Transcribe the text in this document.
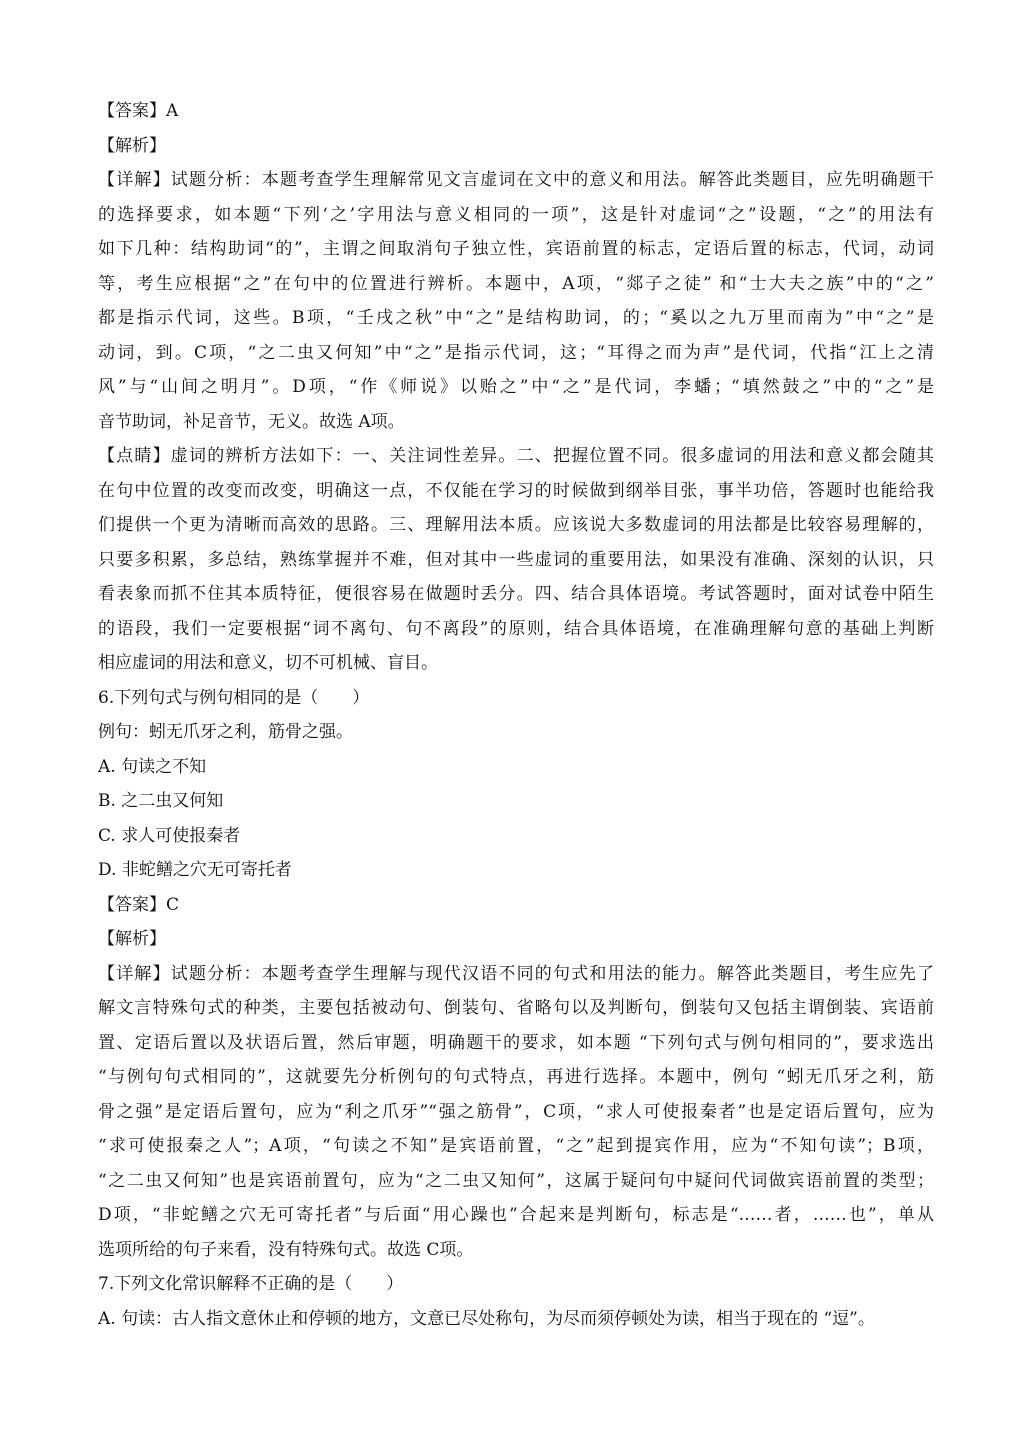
【答案】A
【解析】
【详解】试题分析：本题考查学生理解常见文言虚词在文中的意义和用法。解答此类题目，应先明确题干
的选择要求，如本题“下列‘之’字用法与意义相同的一项”，这是针对虚词“之”设题，“之”的用法有
如下几种：结构助词“的”，主谓之间取消句子独立性，宾语前置的标志，定语后置的标志，代词，动词
等，考生应根据“之”在句中的位置进行辨析。本题中，A项，“郯子之徒” 和“士大夫之族”中的“之”
都是指示代词，这些。B项，“壬戌之秋”中“之”是结构助词，的；“奚以之九万里而南为”中“之”是
动词，到。C项，“之二虫又何知”中“之”是指示代词，这；“耳得之而为声”是代词，代指“江上之清
风”与“山间之明月”。D项，“作《师说》以贻之”中“之”是代词，李蟠；“填然鼓之”中的“之”是
音节助词，补足音节，无义。故选 A项。
【点睛】虚词的辨析方法如下：一、关注词性差异。二、把握位置不同。很多虚词的用法和意义都会随其
在句中位置的改变而改变，明确这一点，不仅能在学习的时候做到纲举目张，事半功倍，答题时也能给我
们提供一个更为清晰而高效的思路。三、理解用法本质。应该说大多数虚词的用法都是比较容易理解的，
只要多积累，多总结，熟练掌握并不难，但对其中一些虚词的重要用法，如果没有准确、深刻的认识，只
看表象而抓不住其本质特征，便很容易在做题时丢分。四、结合具体语境。考试答题时，面对试卷中陌生
的语段，我们一定要根据“词不离句、句不离段”的原则，结合具体语境，在准确理解句意的基础上判断
相应虚词的用法和意义，切不可机械、盲目。
6.下列句式与例句相同的是（　　）
例句：蚓无爪牙之利，筋骨之强。
A. 句读之不知
B. 之二虫又何知
C. 求人可使报秦者
D. 非蛇鳝之穴无可寄托者
【答案】C
【解析】
【详解】试题分析：本题考查学生理解与现代汉语不同的句式和用法的能力。解答此类题目，考生应先了
解文言特殊句式的种类，主要包括被动句、倒装句、省略句以及判断句，倒装句又包括主谓倒装、宾语前
置、定语后置以及状语后置，然后审题，明确题干的要求，如本题 “下列句式与例句相同的”，要求选出
“与例句句式相同的”，这就要先分析例句的句式特点，再进行选择。本题中，例句 “蚓无爪牙之利，筋
骨之强”是定语后置句，应为“利之爪牙”“强之筋骨”，C项，“求人可使报秦者”也是定语后置句，应为
“求可使报秦之人”；A项，“句读之不知”是宾语前置，“之”起到提宾作用，应为“不知句读”；B项，
“之二虫又何知”也是宾语前置句，应为“之二虫又知何”，这属于疑问句中疑问代词做宾语前置的类型；
D项，“非蛇鳝之穴无可寄托者”与后面“用心躁也”合起来是判断句，标志是“……者，……也”，单从
选项所给的句子来看，没有特殊句式。故选 C项。
7.下列文化常识解释不正确的是（　　）
A. 句读：古人指文意休止和停顿的地方，文意已尽处称句，为尽而须停顿处为读，相当于现在的 “逗”。
